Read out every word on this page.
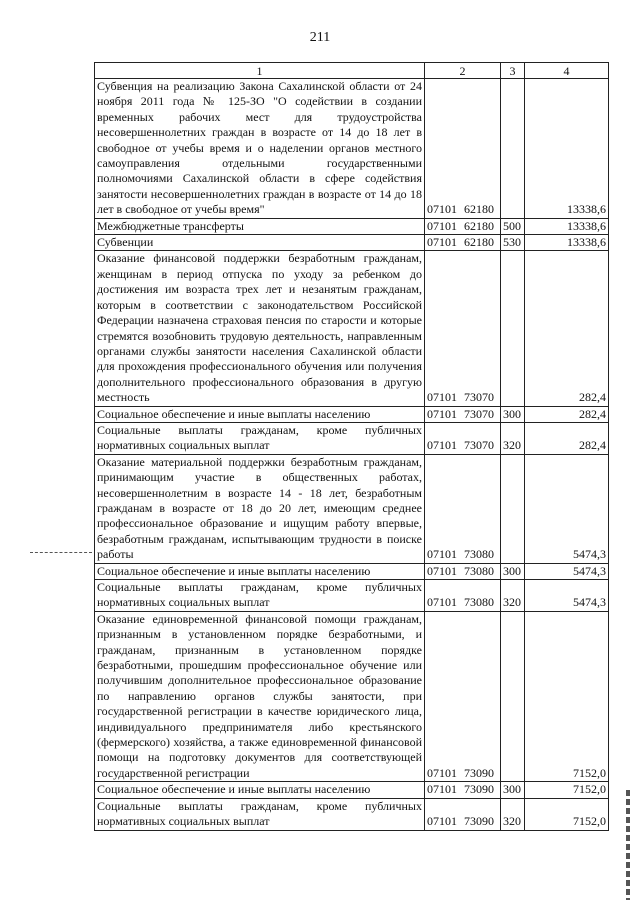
211
1	2	3	4
Субвенция на реализацию Закона Сахалинской области от 24 ноября 2011 года № 125-ЗО "О содействии в создании временных рабочих мест для трудоустройства несовершеннолетних граждан в возрасте от 14 до 18 лет в свободное от учебы время и о наделении органов местного самоуправления отдельными государственными полномочиями Сахалинской области в сфере содействия занятости несовершеннолетних граждан в возрасте от 14 до 18 лет в свободное от учебы время"	07101 62180		13338,6
Межбюджетные трансферты	07101 62180	500	13338,6
Субвенции	07101 62180	530	13338,6
Оказание финансовой поддержки безработным гражданам, женщинам в период отпуска по уходу за ребенком до достижения им возраста трех лет и незанятым гражданам, которым в соответствии с законодательством Российской Федерации назначена страховая пенсия по старости и которые стремятся возобновить трудовую деятельность, направленным органами службы занятости населения Сахалинской области для прохождения профессионального обучения или получения дополнительного профессионального образования в другую местность	07101 73070		282,4
Социальное обеспечение и иные выплаты населению	07101 73070	300	282,4
Социальные выплаты гражданам, кроме публичных нормативных социальных выплат	07101 73070	320	282,4
Оказание материальной поддержки безработным гражданам, принимающим участие в общественных работах, несовершеннолетним в возрасте 14 - 18 лет, безработным гражданам в возрасте от 18 до 20 лет, имеющим среднее профессиональное образование и ищущим работу впервые, безработным гражданам, испытывающим трудности в поиске работы	07101 73080		5474,3
Социальное обеспечение и иные выплаты населению	07101 73080	300	5474,3
Социальные выплаты гражданам, кроме публичных нормативных социальных выплат	07101 73080	320	5474,3
Оказание единовременной финансовой помощи гражданам, признанным в установленном порядке безработными, и гражданам, признанным в установленном порядке безработными, прошедшим профессиональное обучение или получившим дополнительное профессиональное образование по направлению органов службы занятости, при государственной регистрации в качестве юридического лица, индивидуального предпринимателя либо крестьянского (фермерского) хозяйства, а также единовременной финансовой помощи на подготовку документов для соответствующей государственной регистрации	07101 73090		7152,0
Социальное обеспечение и иные выплаты населению	07101 73090	300	7152,0
Социальные выплаты гражданам, кроме публичных нормативных социальных выплат	07101 73090	320	7152,0
